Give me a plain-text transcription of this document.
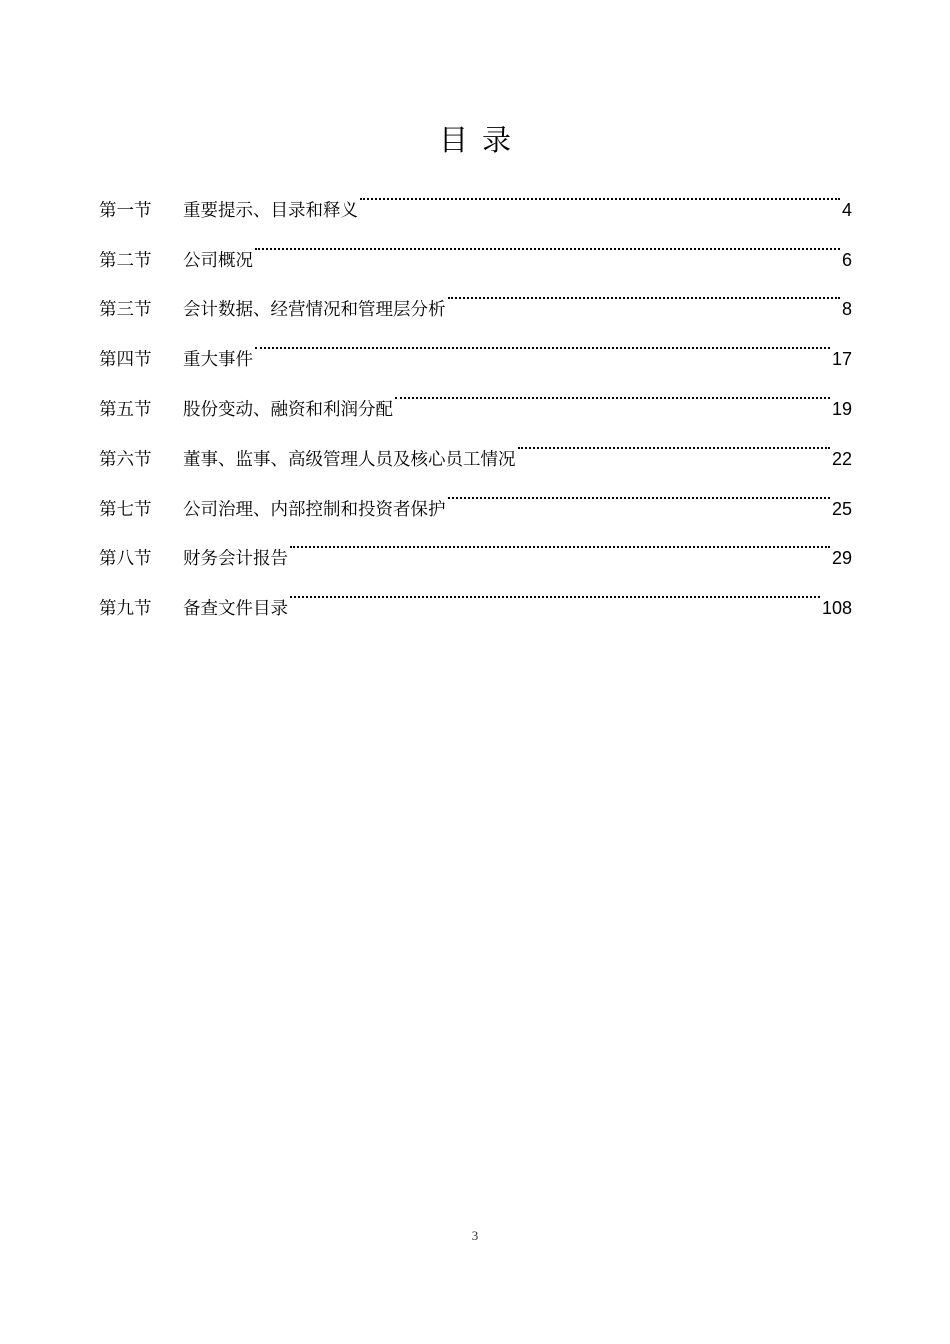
目录
第一节	重要提示、目录和释义	4
第二节	公司概况	6
第三节	会计数据、经营情况和管理层分析	8
第四节	重大事件	17
第五节	股份变动、融资和利润分配	19
第六节	董事、监事、高级管理人员及核心员工情况	22
第七节	公司治理、内部控制和投资者保护	25
第八节	财务会计报告	29
第九节	备查文件目录	108
3
